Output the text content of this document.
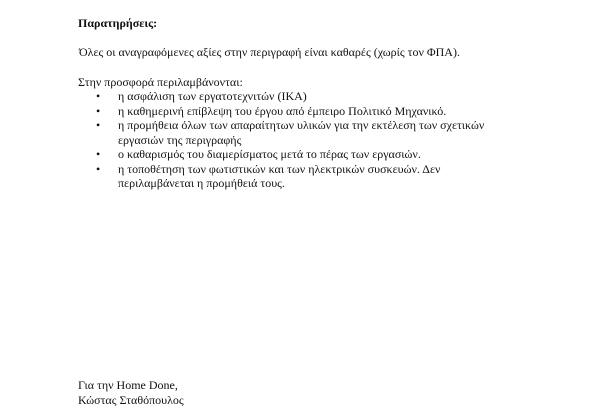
Παρατηρήσεις:
Όλες οι αναγραφόμενες αξίες στην περιγραφή είναι καθαρές (χωρίς τον ΦΠΑ).
Στην προσφορά περιλαμβάνονται:
• η ασφάλιση των εργατοτεχνιτών (ΙΚΑ)
• η καθημερινή επίβλεψη του έργου από έμπειρο Πολιτικό Μηχανικό.
• η προμήθεια όλων των απαραίτητων υλικών για την εκτέλεση των σχετικών εργασιών της περιγραφής
• ο καθαρισμός του διαμερίσματος μετά το πέρας των εργασιών.
• η τοποθέτηση των φωτιστικών και των ηλεκτρικών συσκευών. Δεν περιλαμβάνεται η προμήθειά τους.
Για την Home Done,
Κώστας Σταθόπουλος
